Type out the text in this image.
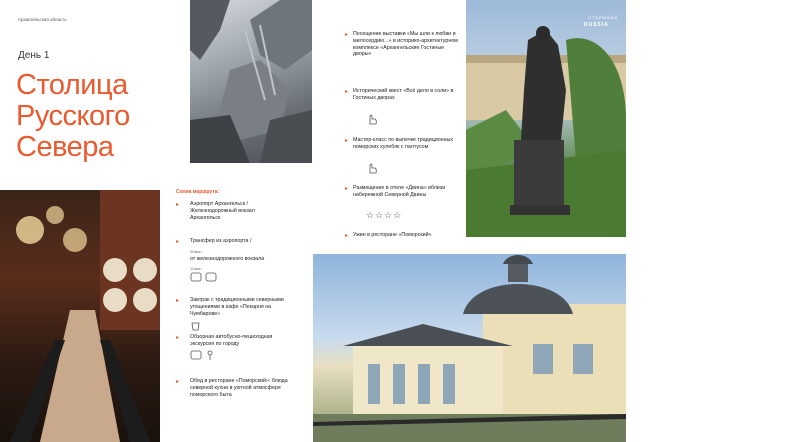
Архангельская область
День 1
Столица
Русского
Севера
ОТКРЫВАЙ
RUSSIA
Схема маршрута:
▸ Аэропорт Архангельск / Железнодорожный вокзал Архангельск
▸ Трансфер из аэропорта /
30мин
от железнодорожного вокзала
10мин
▸ Завтрак с традиционными северными угощениями в кафе «Пекарня на Чумбарове»
▸ Обзорная автобусно-пешеходная экскурсия по городу
▸ Обед в ресторане «Поморский»: блюда северной кухни в уютной атмосфере поморского быта
▸ Посещение выставки «Мы шли к любви и милосердию...» в историко-архитектурном комплексе «Архангельские Гостиные дворы»
▸ Исторический квест «Всё дело в соли» в Гостиных дворах
▸ Мастер-класс по выпечке традиционных поморских кулебяк с палтусом
▸ Размещение в отеле «Двина» вблизи набережной Северной Двины
☆☆☆☆
▸ Ужин в ресторане «Поморский»
